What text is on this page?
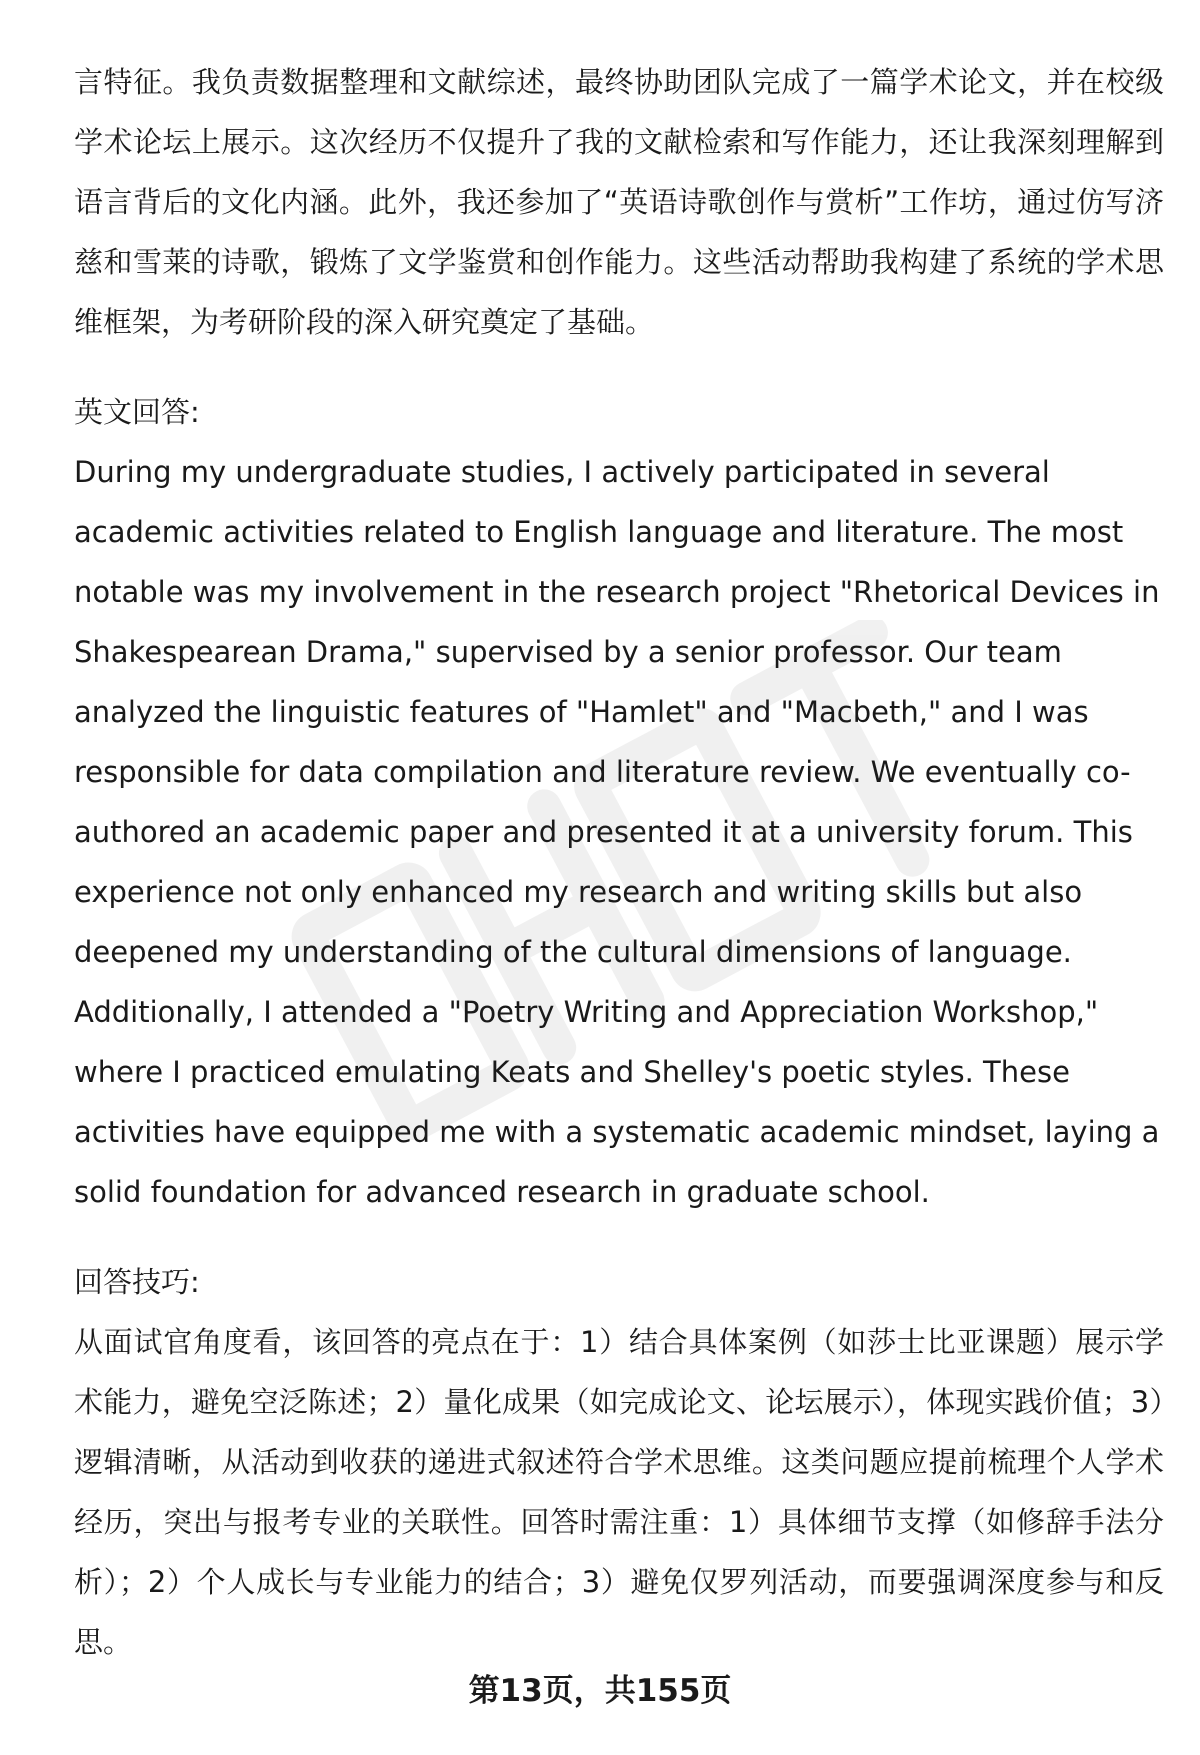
言特征。我负责数据整理和文献综述，最终协助团队完成了一篇学术论文，并在校级学术论坛上展示。这次经历不仅提升了我的文献检索和写作能力，还让我深刻理解到语言背后的文化内涵。此外，我还参加了“英语诗歌创作与赏析”工作坊，通过仿写济慈和雪莱的诗歌，锻炼了文学鉴赏和创作能力。这些活动帮助我构建了系统的学术思维框架，为考研阶段的深入研究奠定了基础。

英文回答:

During my undergraduate studies, I actively participated in several academic activities related to English language and literature. The most notable was my involvement in the research project "Rhetorical Devices in Shakespearean Drama," supervised by a senior professor. Our team analyzed the linguistic features of "Hamlet" and "Macbeth," and I was responsible for data compilation and literature review. We eventually co-authored an academic paper and presented it at a university forum. This experience not only enhanced my research and writing skills but also deepened my understanding of the cultural dimensions of language. Additionally, I attended a "Poetry Writing and Appreciation Workshop," where I practiced emulating Keats and Shelley's poetic styles. These activities have equipped me with a systematic academic mindset, laying a solid foundation for advanced research in graduate school.

回答技巧:

从面试官角度看，该回答的亮点在于：1）结合具体案例（如莎士比亚课题）展示学术能力，避免空泛陈述；2）量化成果（如完成论文、论坛展示），体现实践价值；3）逻辑清晰，从活动到收获的递进式叙述符合学术思维。这类问题应提前梳理个人学术经历，突出与报考专业的关联性。回答时需注重：1）具体细节支撑（如修辞手法分析）；2）个人成长与专业能力的结合；3）避免仅罗列活动，而要强调深度参与和反思。

第13页，共155页
